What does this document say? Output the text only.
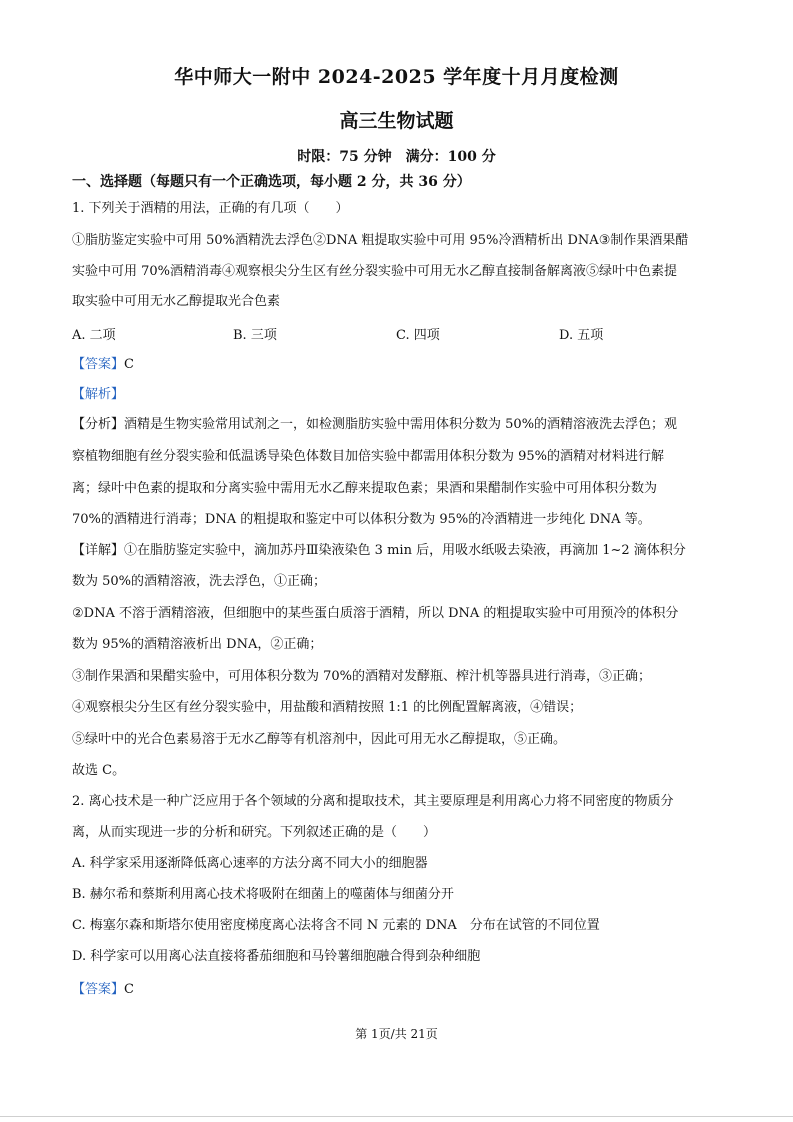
华中师大一附中 2024-2025 学年度十月月度检测
高三生物试题
时限：75 分钟　满分：100 分
一、选择题（每题只有一个正确选项，每小题 2 分，共 36 分）
1. 下列关于酒精的用法，正确的有几项（　　）
①脂肪鉴定实验中可用 50%酒精洗去浮色②DNA 粗提取实验中可用 95%冷酒精析出 DNA③制作果酒果醋
实验中可用 70%酒精消毒④观察根尖分生区有丝分裂实验中可用无水乙醇直接制备解离液⑤绿叶中色素提
取实验中可用无水乙醇提取光合色素
A. 二项	B. 三项	C. 四项	D. 五项
【答案】C
【解析】
【分析】酒精是生物实验常用试剂之一，如检测脂肪实验中需用体积分数为 50%的酒精溶液洗去浮色；观
察植物细胞有丝分裂实验和低温诱导染色体数目加倍实验中都需用体积分数为 95%的酒精对材料进行解
离；绿叶中色素的提取和分离实验中需用无水乙醇来提取色素；果酒和果醋制作实验中可用体积分数为
70%的酒精进行消毒；DNA 的粗提取和鉴定中可以体积分数为 95%的冷酒精进一步纯化 DNA 等。
【详解】①在脂肪鉴定实验中，滴加苏丹Ⅲ染液染色 3 min 后，用吸水纸吸去染液，再滴加 1~2 滴体积分
数为 50%的酒精溶液，洗去浮色，①正确；
②DNA 不溶于酒精溶液，但细胞中的某些蛋白质溶于酒精，所以 DNA 的粗提取实验中可用预冷的体积分
数为 95%的酒精溶液析出 DNA，②正确；
③制作果酒和果醋实验中，可用体积分数为 70%的酒精对发酵瓶、榨汁机等器具进行消毒，③正确；
④观察根尖分生区有丝分裂实验中，用盐酸和酒精按照 1:1 的比例配置解离液，④错误；
⑤绿叶中的光合色素易溶于无水乙醇等有机溶剂中，因此可用无水乙醇提取，⑤正确。
故选 C。
2. 离心技术是一种广泛应用于各个领域的分离和提取技术，其主要原理是利用离心力将不同密度的物质分
离，从而实现进一步的分析和研究。下列叙述正确的是（　　）
A. 科学家采用逐渐降低离心速率的方法分离不同大小的细胞器
B. 赫尔希和蔡斯利用离心技术将吸附在细菌上的噬菌体与细菌分开
C. 梅塞尔森和斯塔尔使用密度梯度离心法将含不同 N 元素的 DNA　分布在试管的不同位置
D. 科学家可以用离心法直接将番茄细胞和马铃薯细胞融合得到杂种细胞
【答案】C
第 1页/共 21页
